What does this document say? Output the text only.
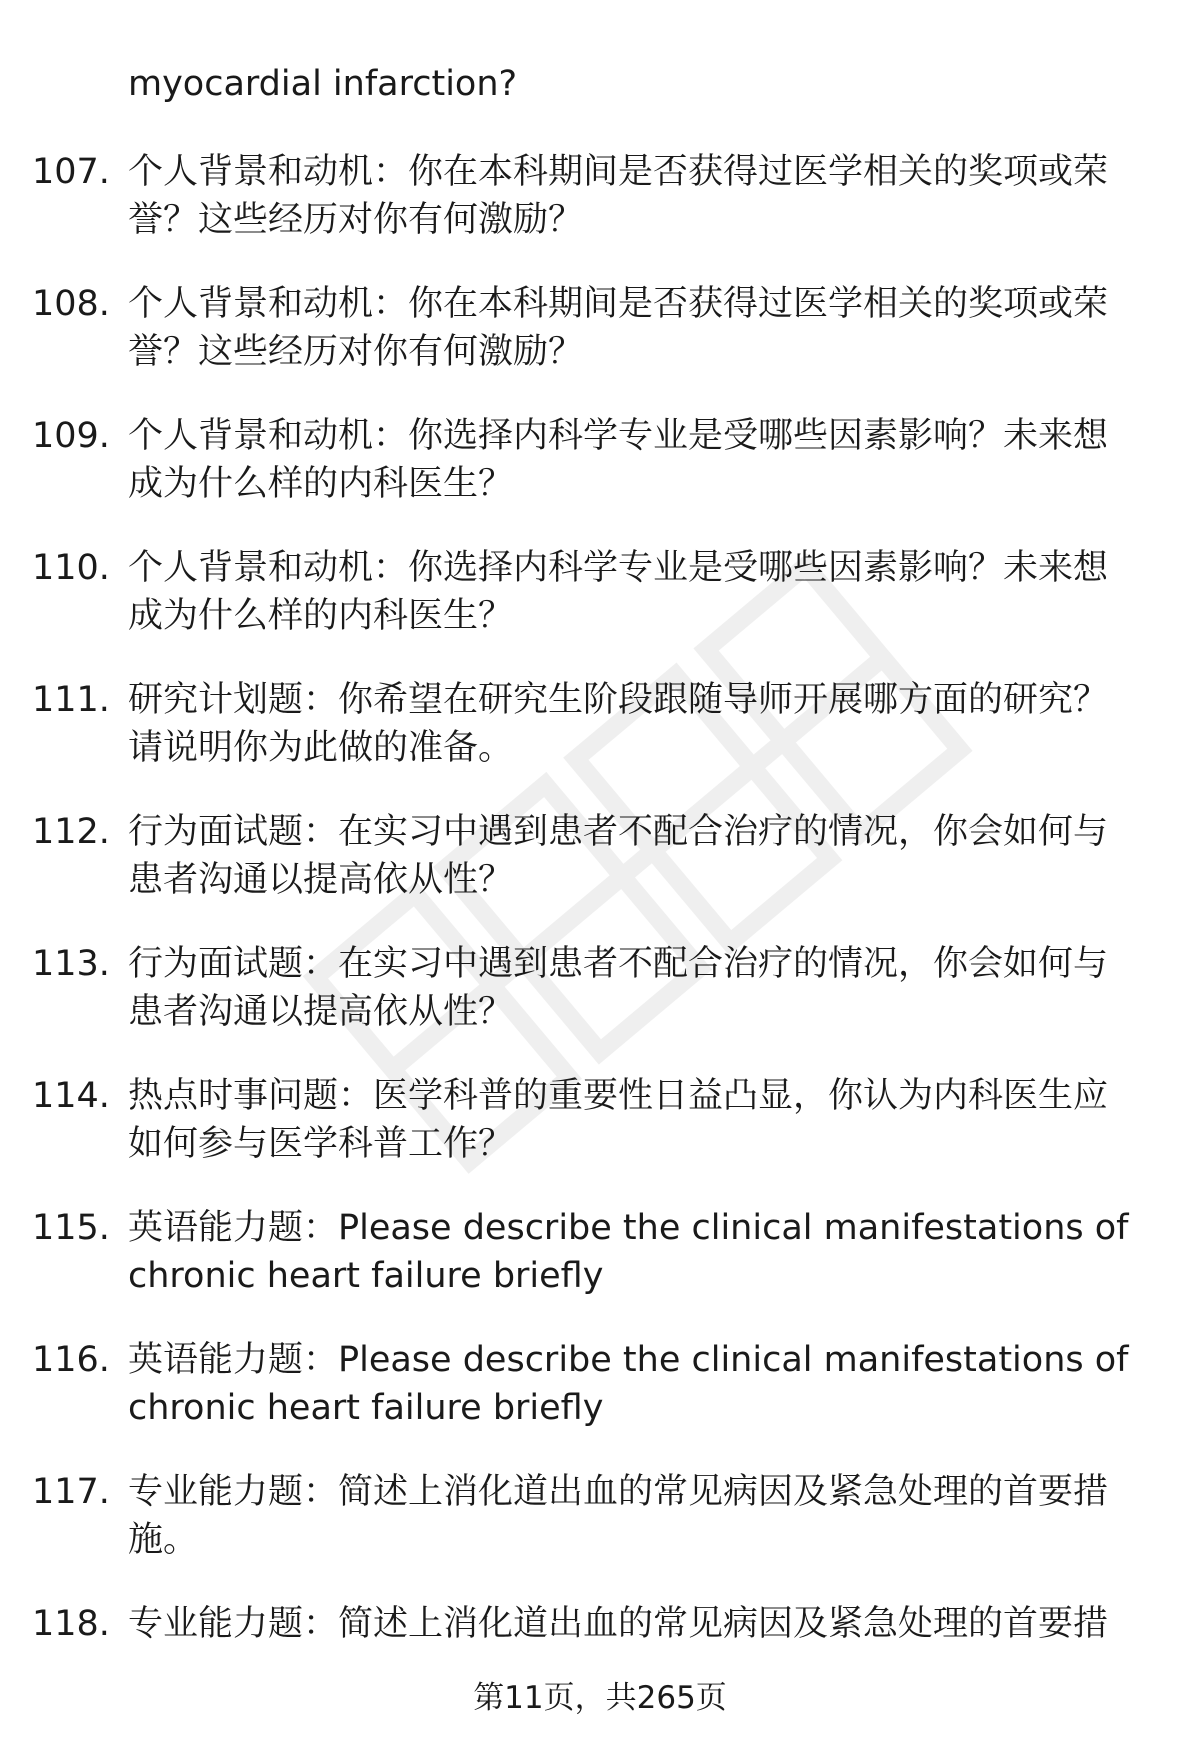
myocardial infarction?
107. 个人背景和动机：你在本科期间是否获得过医学相关的奖项或荣
誉？这些经历对你有何激励？
108. 个人背景和动机：你在本科期间是否获得过医学相关的奖项或荣
誉？这些经历对你有何激励？
109. 个人背景和动机：你选择内科学专业是受哪些因素影响？未来想
成为什么样的内科医生？
110. 个人背景和动机：你选择内科学专业是受哪些因素影响？未来想
成为什么样的内科医生？
111. 研究计划题：你希望在研究生阶段跟随导师开展哪方面的研究？
请说明你为此做的准备。
112. 行为面试题：在实习中遇到患者不配合治疗的情况，你会如何与
患者沟通以提高依从性？
113. 行为面试题：在实习中遇到患者不配合治疗的情况，你会如何与
患者沟通以提高依从性？
114. 热点时事问题：医学科普的重要性日益凸显，你认为内科医生应
如何参与医学科普工作？
115. 英语能力题：Please describe the clinical manifestations of
chronic heart failure briefly
116. 英语能力题：Please describe the clinical manifestations of
chronic heart failure briefly
117. 专业能力题：简述上消化道出血的常见病因及紧急处理的首要措
施。
118. 专业能力题：简述上消化道出血的常见病因及紧急处理的首要措
第11页，共265页
